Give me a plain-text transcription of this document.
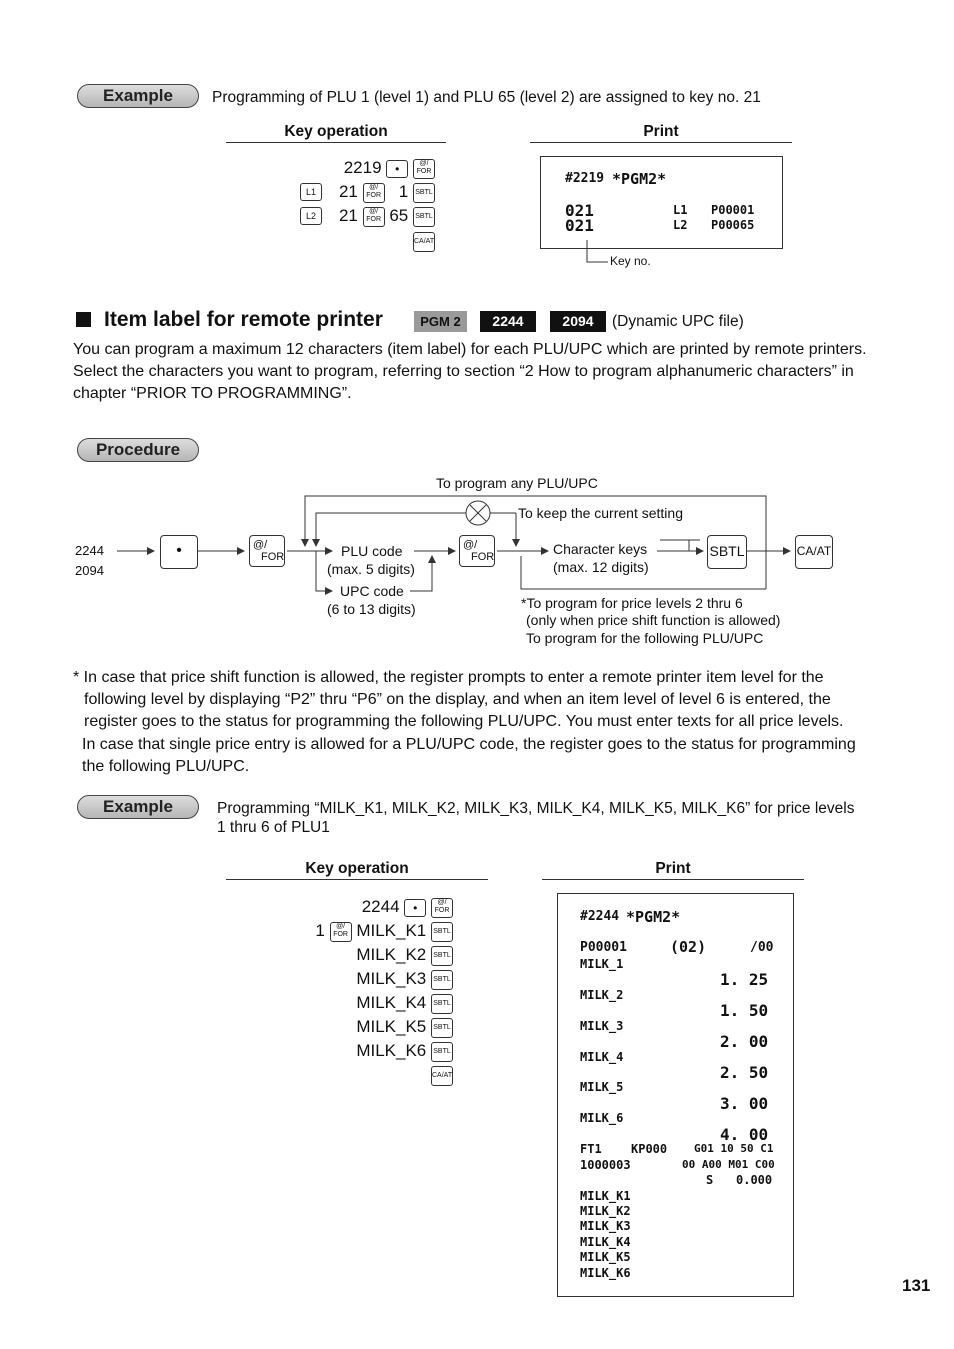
Example	Programming of PLU 1 (level 1) and PLU 65 (level 2) are assigned to key no. 21
Key operation	Print
2219 •	@/
FOR
L1	21 @/
FOR 1 SBTL
L2	21 @/
FOR 65 SBTL
CA/AT
#2219 *PGM2*
021	L1 P00001
021	L2 P00065
Key no.
Item label for remote printer	PGM 2	2244	2094	(Dynamic UPC file)
You can program a maximum 12 characters (item label) for each PLU/UPC which are printed by remote printers.
Select the characters you want to program, referring to section “2 How to program alphanumeric characters” in
chapter “PRIOR TO PROGRAMMING”.
Procedure
2244
2094
To program any PLU/UPC
To keep the current setting
•	@/
FOR	PLU code
(max. 5 digits)
UPC code
(6 to 13 digits)
@/
FOR	Character keys
(max. 12 digits)
SBTL	CA/AT
*To program for price levels 2 thru 6
(only when price shift function is allowed)
To program for the following PLU/UPC
* In case that price shift function is allowed, the register prompts to enter a remote printer item level for the
following level by displaying “P2” thru “P6” on the display, and when an item level of level 6 is entered, the
register goes to the status for programming the following PLU/UPC. You must enter texts for all price levels.
In case that single price entry is allowed for a PLU/UPC code, the register goes to the status for programming
the following PLU/UPC.
Example	Programming “MILK_K1, MILK_K2, MILK_K3, MILK_K4, MILK_K5, MILK_K6” for price levels
1 thru 6 of PLU1
Key operation	Print
2244 •	@/
FOR
1 @/
FOR MILK_K1 SBTL
MILK_K2 SBTL
MILK_K3 SBTL
MILK_K4 SBTL
MILK_K5 SBTL
MILK_K6 SBTL
CA/AT
#2244 *PGM2*
P00001	(02)	/00
MILK_1
1. 25
MILK_2
1. 50
MILK_3
2. 00
MILK_4
2. 50
MILK_5
3. 00
MILK_6
4. 00
FT1 KP000 G01 10 50 C1
1000003	00 A00 M01 C00
S 0.000
MILK_K1
MILK_K2
MILK_K3
MILK_K4
MILK_K5
MILK_K6
131
